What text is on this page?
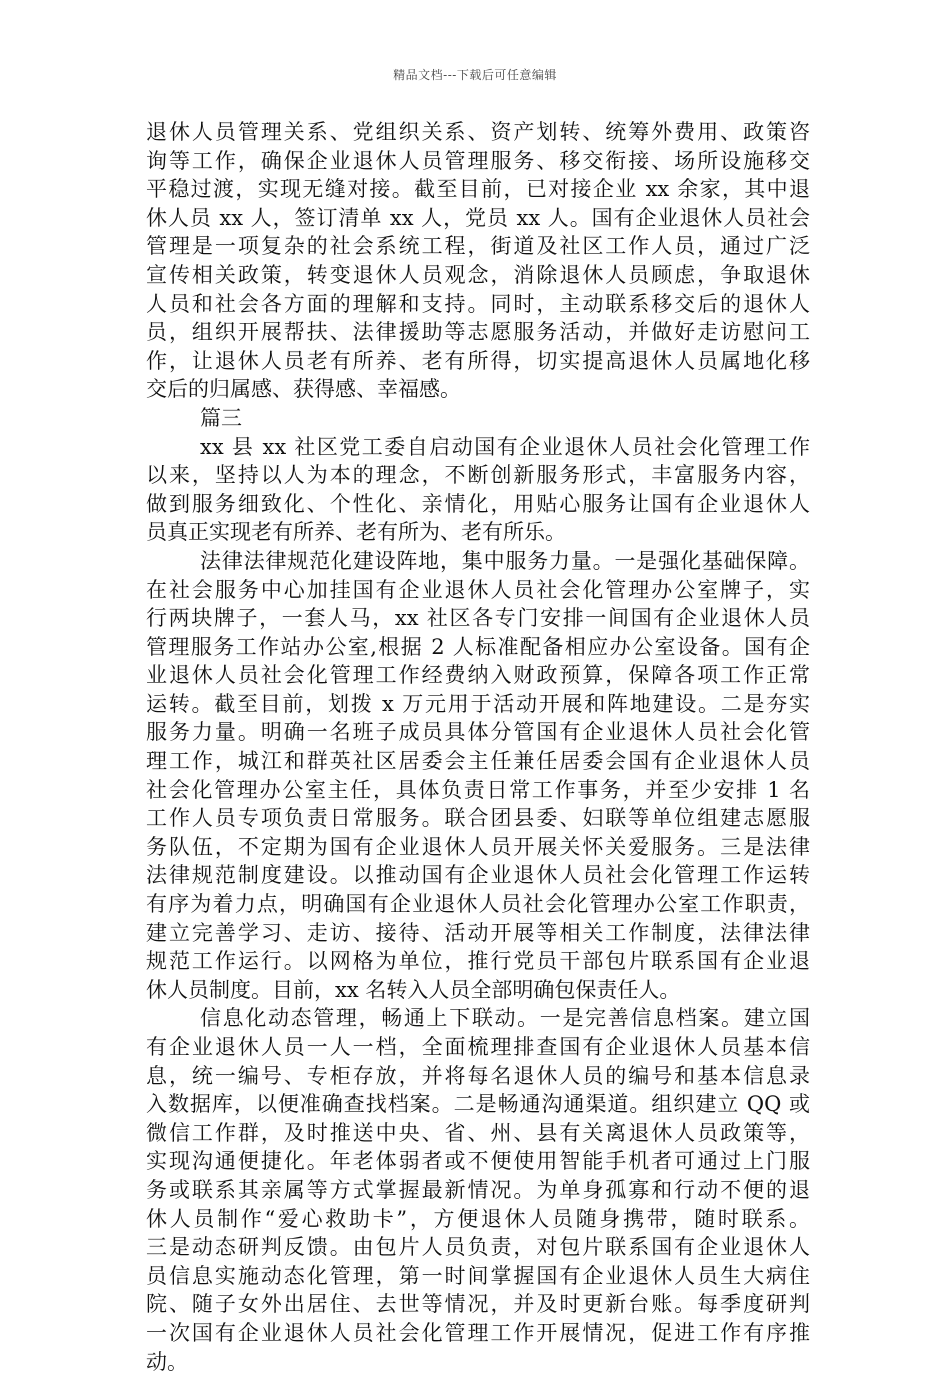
精品文档---下载后可任意编辑
退休人员管理关系、党组织关系、资产划转、统筹外费用、政策咨
询等工作，确保企业退休人员管理服务、移交衔接、场所设施移交
平稳过渡，实现无缝对接。截至目前，已对接企业 xx 余家，其中退
休人员 xx 人，签订清单 xx 人，党员 xx 人。国有企业退休人员社会
管理是一项复杂的社会系统工程，街道及社区工作人员，通过广泛
宣传相关政策，转变退休人员观念，消除退休人员顾虑，争取退休
人员和社会各方面的理解和支持。同时，主动联系移交后的退休人
员，组织开展帮扶、法律援助等志愿服务活动，并做好走访慰问工
作，让退休人员老有所养、老有所得，切实提高退休人员属地化移
交后的归属感、获得感、幸福感。
篇三
xx 县 xx 社区党工委自启动国有企业退休人员社会化管理工作
以来，坚持以人为本的理念，不断创新服务形式，丰富服务内容，
做到服务细致化、个性化、亲情化，用贴心服务让国有企业退休人
员真正实现老有所养、老有所为、老有所乐。
法律法律规范化建设阵地，集中服务力量。一是强化基础保障。
在社会服务中心加挂国有企业退休人员社会化管理办公室牌子，实
行两块牌子，一套人马，xx 社区各专门安排一间国有企业退休人员
管理服务工作站办公室,根据 2 人标准配备相应办公室设备。国有企
业退休人员社会化管理工作经费纳入财政预算，保障各项工作正常
运转。截至目前，划拨 x 万元用于活动开展和阵地建设。二是夯实
服务力量。明确一名班子成员具体分管国有企业退休人员社会化管
理工作，城江和群英社区居委会主任兼任居委会国有企业退休人员
社会化管理办公室主任，具体负责日常工作事务，并至少安排 1 名
工作人员专项负责日常服务。联合团县委、妇联等单位组建志愿服
务队伍，不定期为国有企业退休人员开展关怀关爱服务。三是法律
法律规范制度建设。以推动国有企业退休人员社会化管理工作运转
有序为着力点，明确国有企业退休人员社会化管理办公室工作职责，
建立完善学习、走访、接待、活动开展等相关工作制度，法律法律
规范工作运行。以网格为单位，推行党员干部包片联系国有企业退
休人员制度。目前，xx 名转入人员全部明确包保责任人。
信息化动态管理，畅通上下联动。一是完善信息档案。建立国
有企业退休人员一人一档，全面梳理排查国有企业退休人员基本信
息，统一编号、专柜存放，并将每名退休人员的编号和基本信息录
入数据库，以便准确查找档案。二是畅通沟通渠道。组织建立 QQ 或
微信工作群，及时推送中央、省、州、县有关离退休人员政策等，
实现沟通便捷化。年老体弱者或不便使用智能手机者可通过上门服
务或联系其亲属等方式掌握最新情况。为单身孤寡和行动不便的退
休人员制作“爱心救助卡”，方便退休人员随身携带，随时联系。
三是动态研判反馈。由包片人员负责，对包片联系国有企业退休人
员信息实施动态化管理，第一时间掌握国有企业退休人员生大病住
院、随子女外出居住、去世等情况，并及时更新台账。每季度研判
一次国有企业退休人员社会化管理工作开展情况，促进工作有序推
动。
